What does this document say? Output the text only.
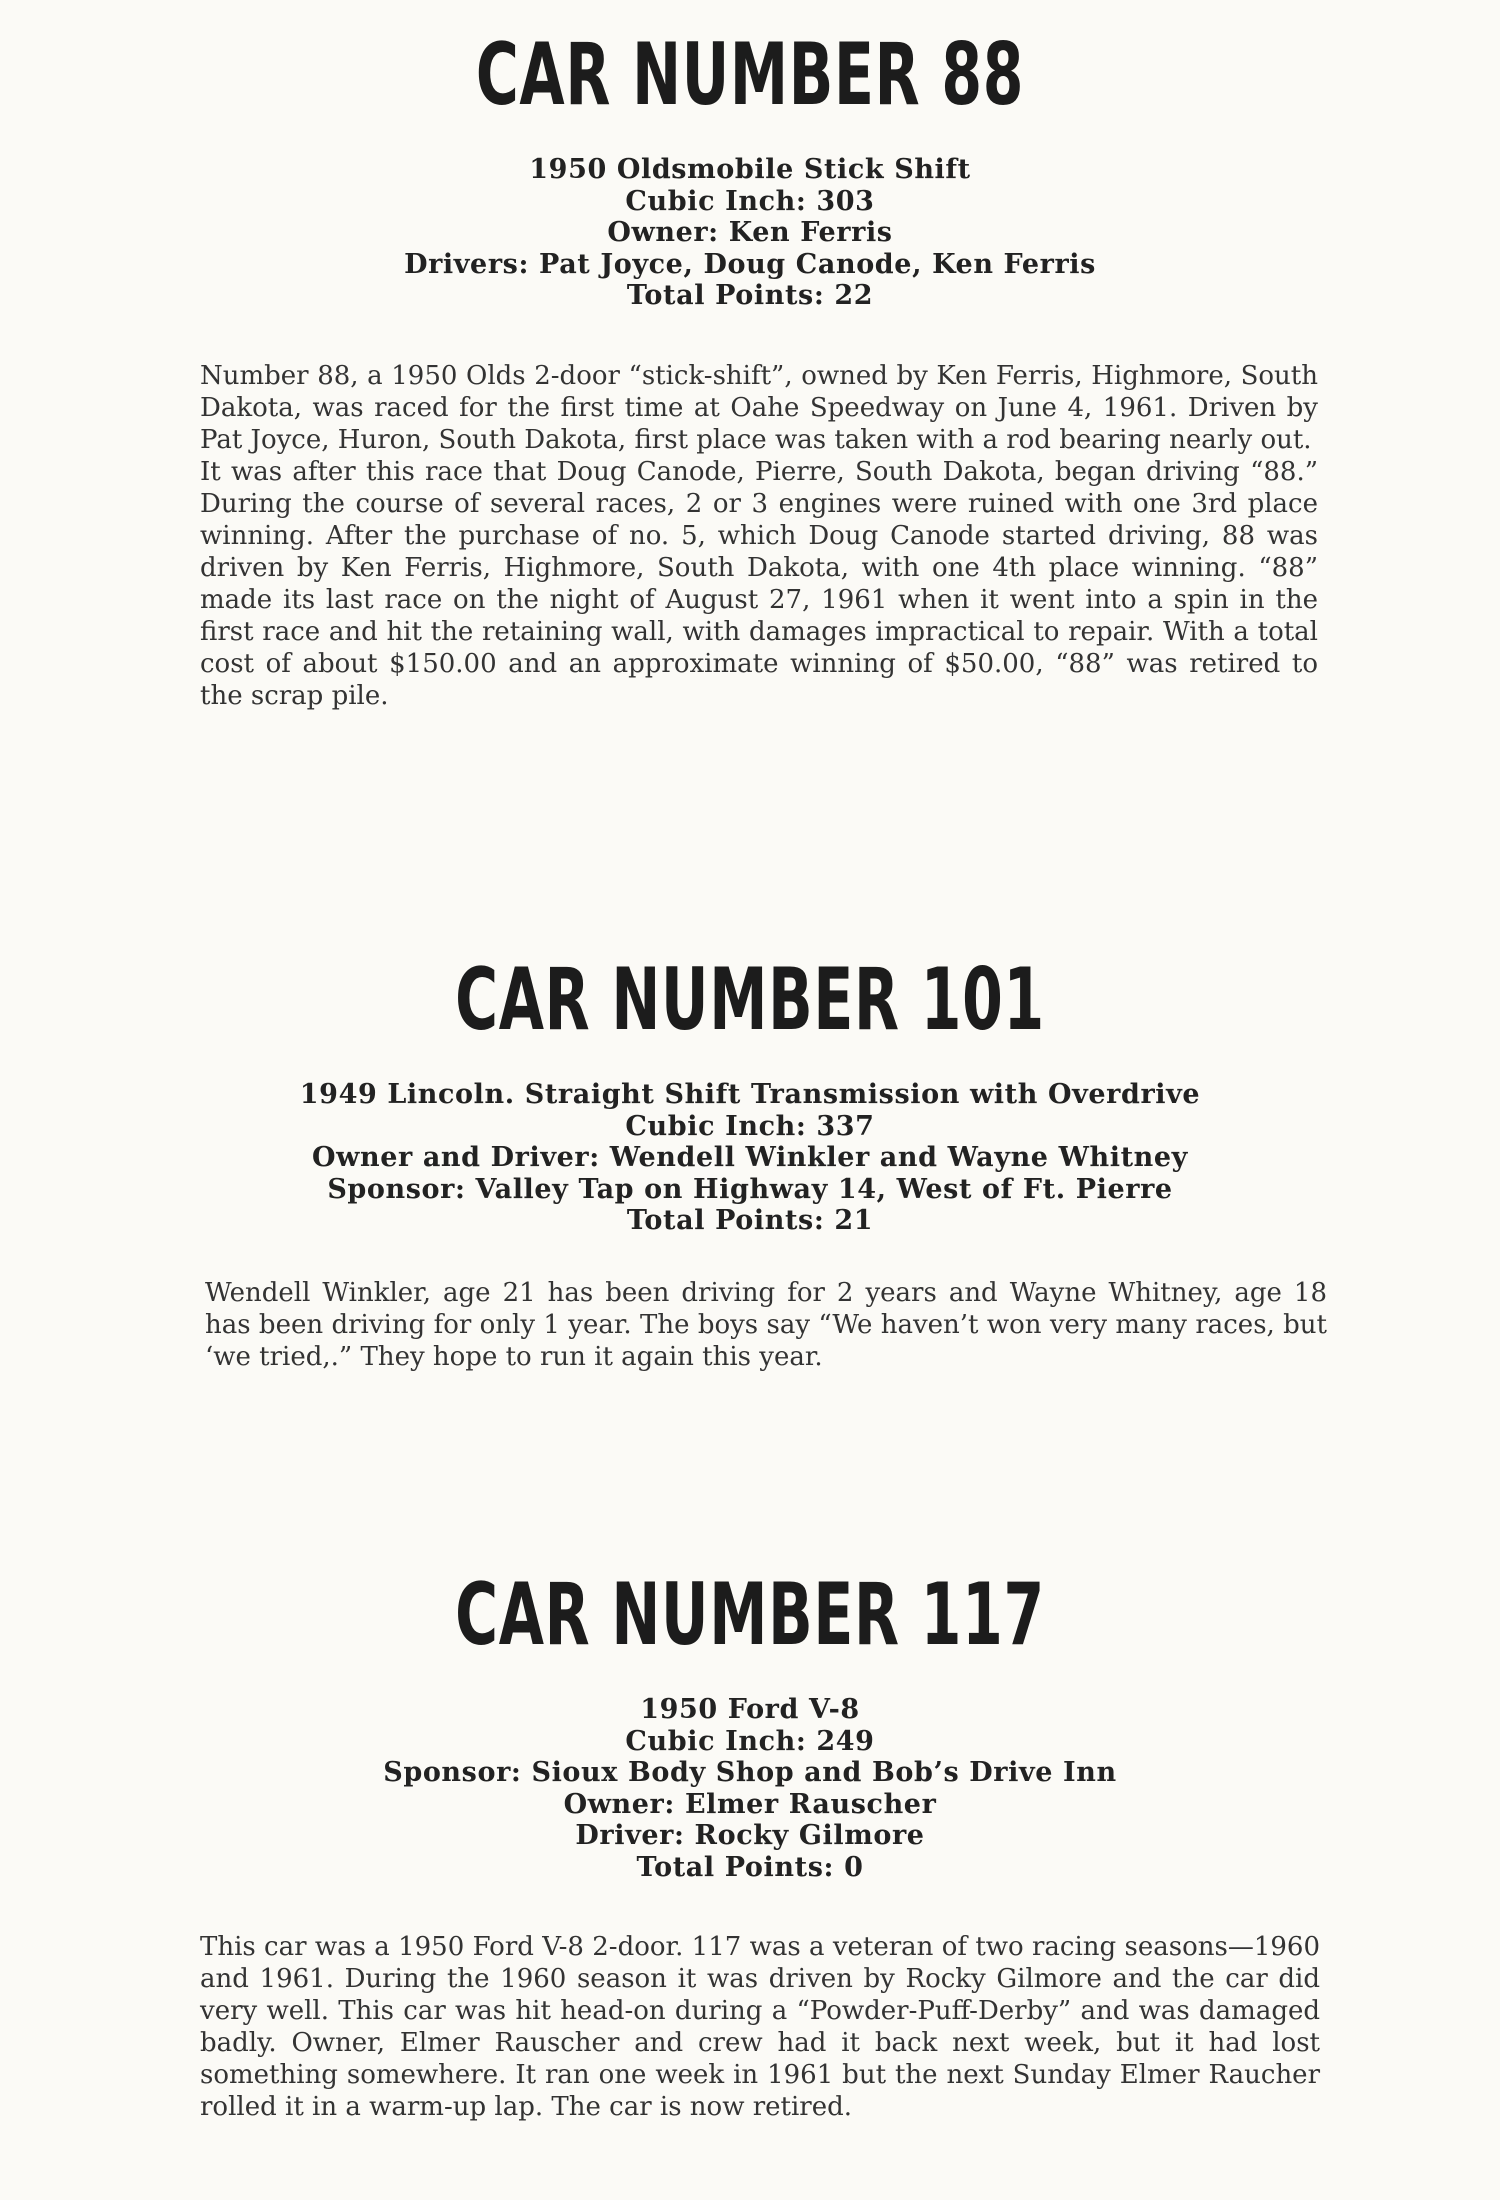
CAR NUMBER 88
1950 Oldsmobile Stick Shift
Cubic Inch: 303
Owner: Ken Ferris
Drivers: Pat Joyce, Doug Canode, Ken Ferris
Total Points: 22

Number 88, a 1950 Olds 2-door “stick-shift”, owned by Ken Ferris, Highmore, South Dakota, was raced for the first time at Oahe Speedway on June 4, 1961. Driven by Pat Joyce, Huron, South Dakota, first place was taken with a rod bearing nearly out.

It was after this race that Doug Canode, Pierre, South Dakota, began driving “88.” During the course of several races, 2 or 3 engines were ruined with one 3rd place winning. After the purchase of no. 5, which Doug Canode started driving, 88 was driven by Ken Ferris, Highmore, South Dakota, with one 4th place winning. “88” made its last race on the night of August 27, 1961 when it went into a spin in the first race and hit the retaining wall, with damages impractical to repair. With a total cost of about $150.00 and an approximate winning of $50.00, “88” was retired to the scrap pile.

CAR NUMBER 101
1949 Lincoln. Straight Shift Transmission with Overdrive
Cubic Inch: 337
Owner and Driver: Wendell Winkler and Wayne Whitney
Sponsor: Valley Tap on Highway 14, West of Ft. Pierre
Total Points: 21

Wendell Winkler, age 21 has been driving for 2 years and Wayne Whitney, age 18 has been driving for only 1 year. The boys say “We haven’t won very many races, but ‘we tried,.” They hope to run it again this year.

CAR NUMBER 117
1950 Ford V-8
Cubic Inch: 249
Sponsor: Sioux Body Shop and Bob’s Drive Inn
Owner: Elmer Rauscher
Driver: Rocky Gilmore
Total Points: 0

This car was a 1950 Ford V-8 2-door. 117 was a veteran of two racing seasons—1960 and 1961. During the 1960 season it was driven by Rocky Gilmore and the car did very well. This car was hit head-on during a “Powder-Puff-Derby” and was damaged badly. Owner, Elmer Rauscher and crew had it back next week, but it had lost something somewhere. It ran one week in 1961 but the next Sunday Elmer Raucher rolled it in a warm-up lap. The car is now retired.
